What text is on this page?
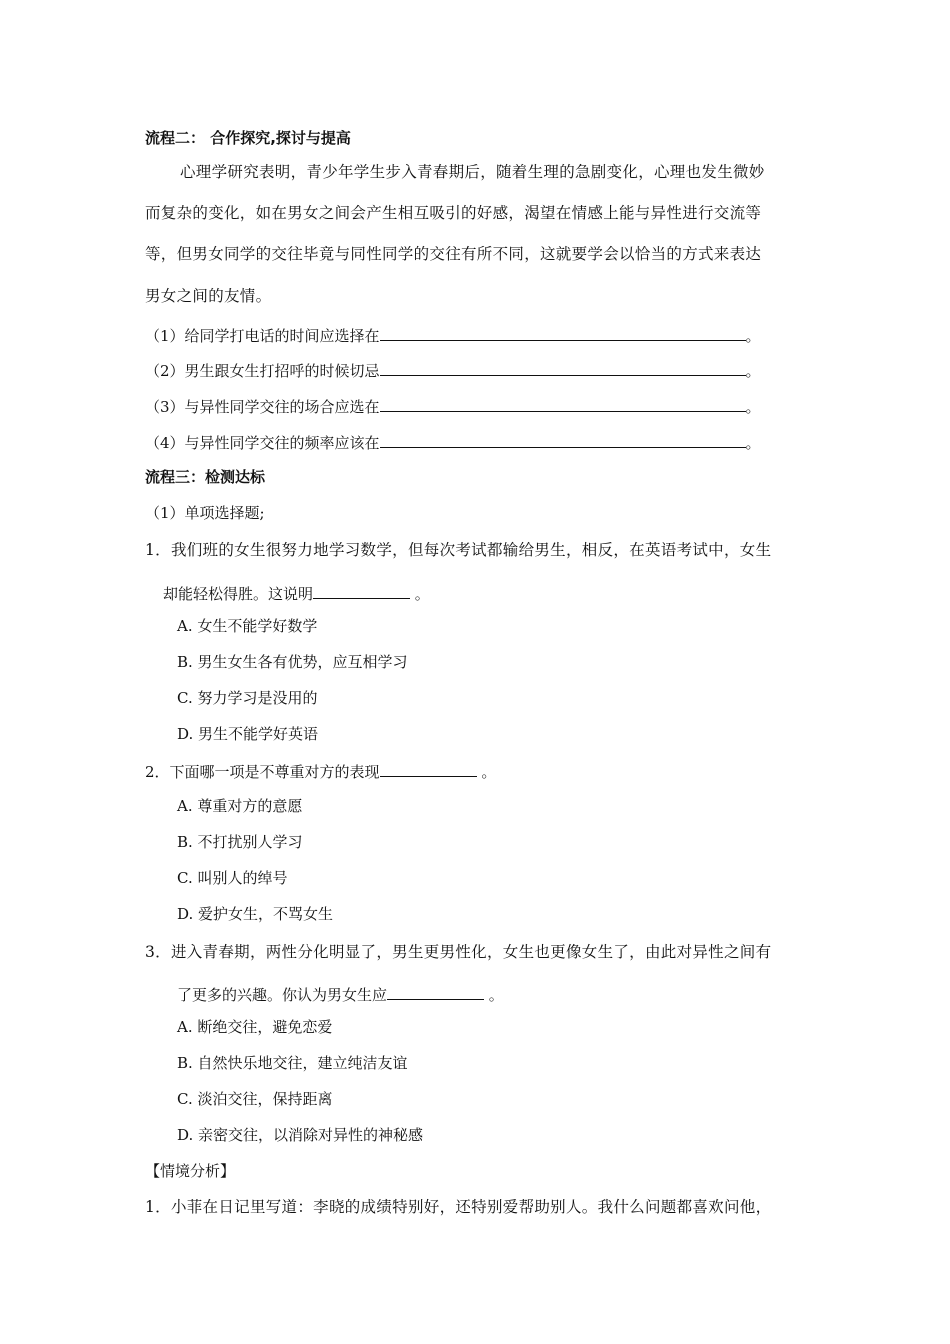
流程二： 合作探究,探讨与提高
心理学研究表明，青少年学生步入青春期后，随着生理的急剧变化，心理也发生微妙
而复杂的变化，如在男女之间会产生相互吸引的好感，渴望在情感上能与异性进行交流等
等，但男女同学的交往毕竟与同性同学的交往有所不同，这就要学会以恰当的方式来表达
男女之间的友情。
（1）给同学打电话的时间应选择在	。
（2）男生跟女生打招呼的时候切忌	。
（3）与异性同学交往的场合应选在	。
（4）与异性同学交往的频率应该在	。
流程三：检测达标
（1）单项选择题;
1．我们班的女生很努力地学习数学，但每次考试都输给男生，相反，在英语考试中，女生
却能轻松得胜。这说明	。
A. 女生不能学好数学
B. 男生女生各有优势，应互相学习
C. 努力学习是没用的
D. 男生不能学好英语
2．下面哪一项是不尊重对方的表现	。
A. 尊重对方的意愿
B. 不打扰别人学习
C. 叫别人的绰号
D. 爱护女生，不骂女生
3．进入青春期，两性分化明显了，男生更男性化，女生也更像女生了，由此对异性之间有
了更多的兴趣。你认为男女生应	。
A. 断绝交往，避免恋爱
B. 自然快乐地交往，建立纯洁友谊
C. 淡泊交往，保持距离
D. 亲密交往，以消除对异性的神秘感
【情境分析】
1．小菲在日记里写道：李晓的成绩特别好，还特别爱帮助别人。我什么问题都喜欢问他，
